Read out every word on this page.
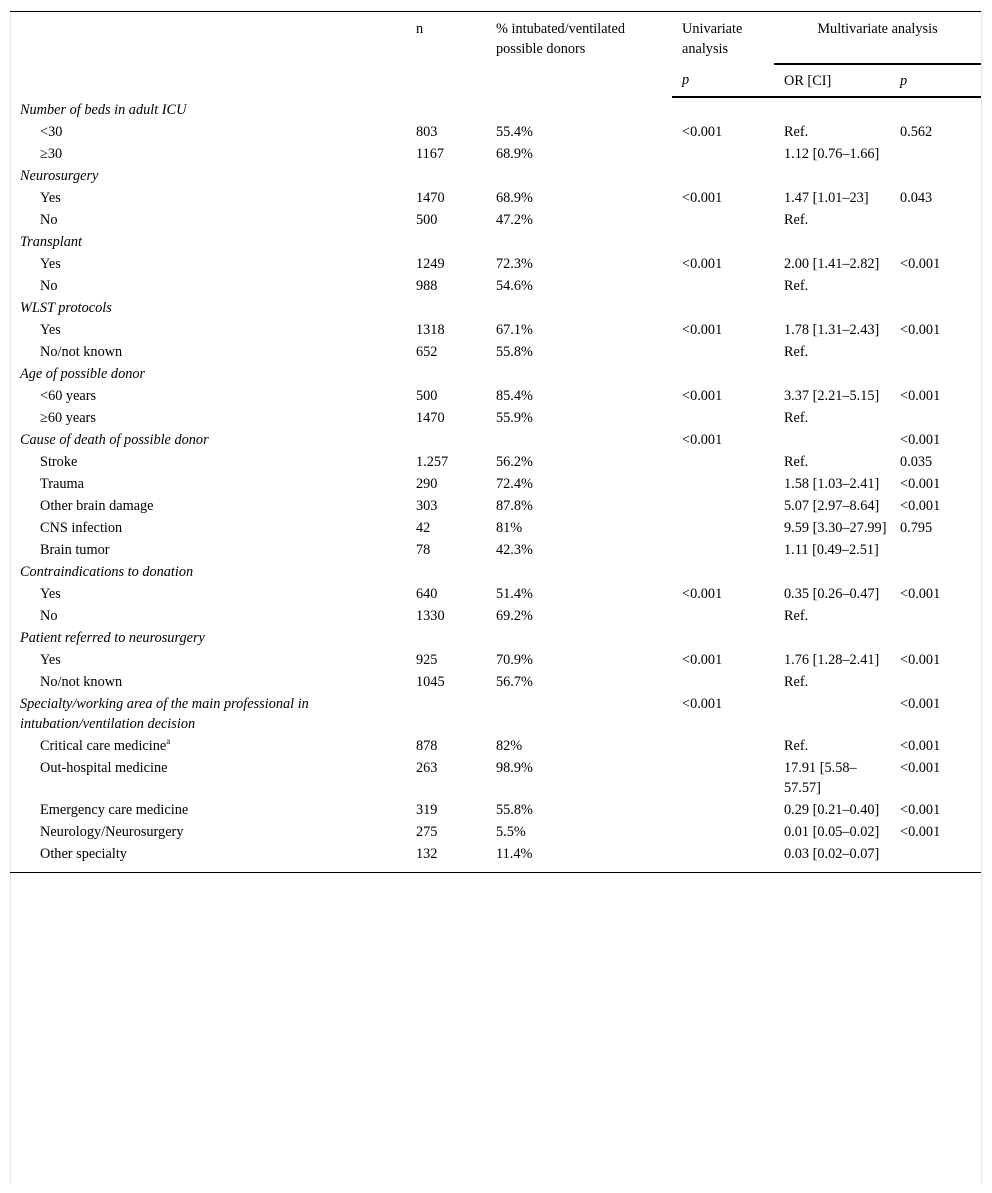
	n	% intubated/ventilated possible donors	Univariate analysis	Multivariate analysis	
			p	OR [CI]	p
Number of beds in adult ICU					
<30	803	55.4%	<0.001	Ref.	0.562
≥30	1167	68.9%		1.12 [0.76–1.66]	
Neurosurgery					
Yes	1470	68.9%	<0.001	1.47 [1.01–23]	0.043
No	500	47.2%		Ref.	
Transplant					
Yes	1249	72.3%	<0.001	2.00 [1.41–2.82]	<0.001
No	988	54.6%		Ref.	
WLST protocols					
Yes	1318	67.1%	<0.001	1.78 [1.31–2.43]	<0.001
No/not known	652	55.8%		Ref.	
Age of possible donor					
<60 years	500	85.4%	<0.001	3.37 [2.21–5.15]	<0.001
≥60 years	1470	55.9%		Ref.	
Cause of death of possible donor			<0.001		<0.001
Stroke	1.257	56.2%		Ref.	0.035
Trauma	290	72.4%		1.58 [1.03–2.41]	<0.001
Other brain damage	303	87.8%		5.07 [2.97–8.64]	<0.001
CNS infection	42	81%		9.59 [3.30–27.99]	0.795
Brain tumor	78	42.3%		1.11 [0.49–2.51]	
Contraindications to donation					
Yes	640	51.4%	<0.001	0.35 [0.26–0.47]	<0.001
No	1330	69.2%		Ref.	
Patient referred to neurosurgery					
Yes	925	70.9%	<0.001	1.76 [1.28–2.41]	<0.001
No/not known	1045	56.7%		Ref.	
Specialty/working area of the main professional in intubation/ventilation decision			<0.001		<0.001
Critical care medicine$^a$	878	82%		Ref.	<0.001
Out-hospital medicine	263	98.9%		17.91 [5.58–57.57]	<0.001
Emergency care medicine	319	55.8%		0.29 [0.21–0.40]	<0.001
Neurology/Neurosurgery	275	5.5%		0.01 [0.05–0.02]	<0.001
Other specialty	132	11.4%		0.03 [0.02–0.07]	
